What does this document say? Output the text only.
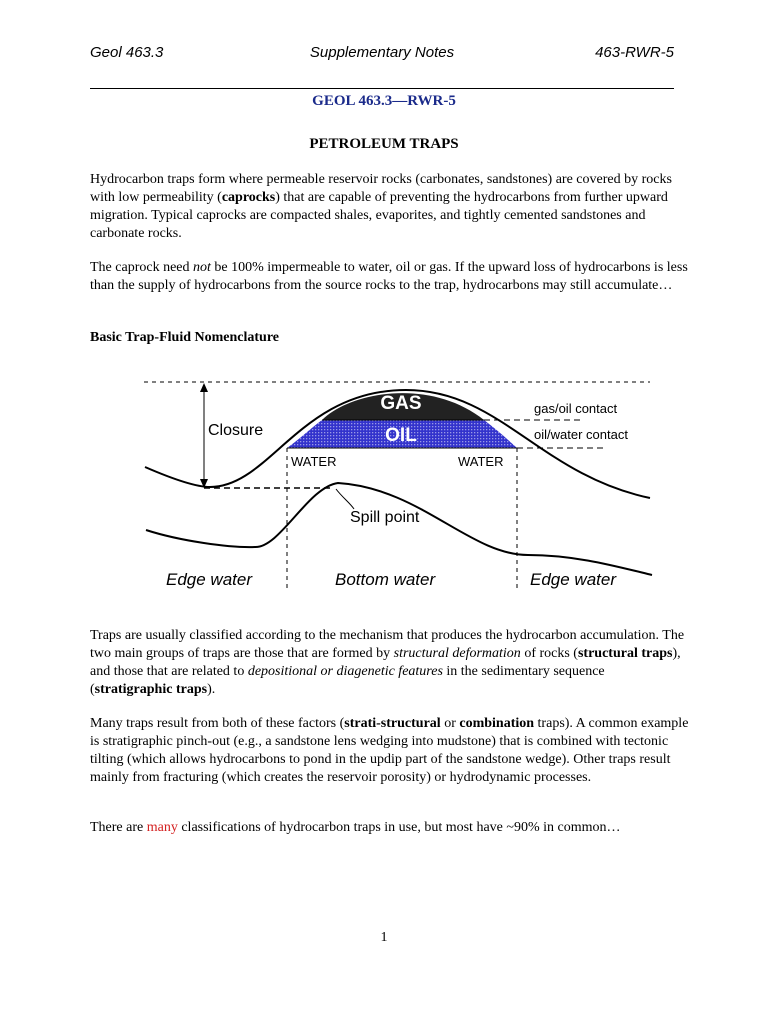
Geol 463.3	Supplementary Notes	463-RWR-5
GEOL 463.3—RWR-5
PETROLEUM TRAPS

Hydrocarbon traps form where permeable reservoir rocks (carbonates, sandstones) are covered by rocks with low permeability (caprocks) that are capable of preventing the hydrocarbons from further upward migration. Typical caprocks are compacted shales, evaporites, and tightly cemented sandstones and carbonate rocks.

The caprock need not be 100% impermeable to water, oil or gas. If the upward loss of hydrocarbons is less than the supply of hydrocarbons from the source rocks to the trap, hydrocarbons may still accumulate…

Basic Trap-Fluid Nomenclature

GAS
OIL
Closure
gas/oil contact
oil/water contact
WATER	WATER
Spill point
Edge water	Bottom water	Edge water

Traps are usually classified according to the mechanism that produces the hydrocarbon accumulation. The two main groups of traps are those that are formed by structural deformation of rocks (structural traps), and those that are related to depositional or diagenetic features in the sedimentary sequence (stratigraphic traps).

Many traps result from both of these factors (strati-structural or combination traps). A common example is stratigraphic pinch-out (e.g., a sandstone lens wedging into mudstone) that is combined with tectonic tilting (which allows hydrocarbons to pond in the updip part of the sandstone wedge). Other traps result mainly from fracturing (which creates the reservoir porosity) or hydrodynamic processes.

There are many classifications of hydrocarbon traps in use, but most have ~90% in common…

1
